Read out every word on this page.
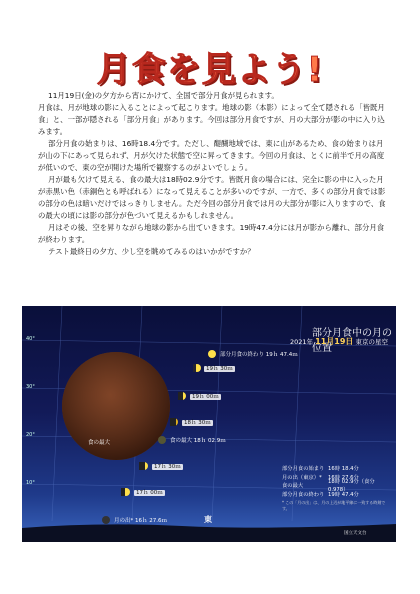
月食を見よう!

11月19日(金)の夕方から宵にかけて、全国で部分月食が見られます。

月食は、月が地球の影に入ることによって起こります。地球の影（本影）によって全て隠される「皆既月食」と、一部が隠される「部分月食」があります。今回は部分月食ですが、月の大部分が影の中に入り込みます。

部分月食の始まりは、16時18.4分です。ただし、醍醐地域では、東に山があるため、食の始まりは月が山の下にあって見られず、月が欠けた状態で空に昇ってきます。今回の月食は、とくに前半で月の高度が低いので、東の空が開けた場所で観察するのがよいでしょう。

月が最も欠けて見える、食の最大は18時02.9分です。皆既月食の場合には、完全に影の中に入った月が赤黒い色（赤銅色とも呼ばれる）になって見えることが多いのですが、一方で、多くの部分月食では影の部分の色は暗いだけではっきりしません。ただ今回の部分月食では月の大部分が影に入りますので、食の最大の頃には影の部分が色づいて見えるかもしれません。

月はその後、空を昇りながら地球の影から出ていきます。19時47.4分には月が影から離れ、部分月食が終わります。

テスト最終日の夕方、少し空を眺めてみるのはいかがですか？

部分月食中の月の位置
2021年 11月19日 東京の星空
40°
30°
20°
10°
食の最大
部分月食の終わり 19ｈ 47.4ｍ
19ｈ 30ｍ
19ｈ 00ｍ
18ｈ 30ｍ
食の最大 18ｈ 02.9ｍ
17ｈ 30ｍ
17ｈ 00ｍ
月の出* 16ｈ 27.6ｍ
部分月食の始まり 16時 18.4分
月の出（東京）*	16時 27.6分
食の最大
18時 02.9分（食分 0.978）
部分月食の終わり 19時 47.4分
* この「月の出」は、月の上辺が地平線に一致する時刻です。
東
国立天文台
